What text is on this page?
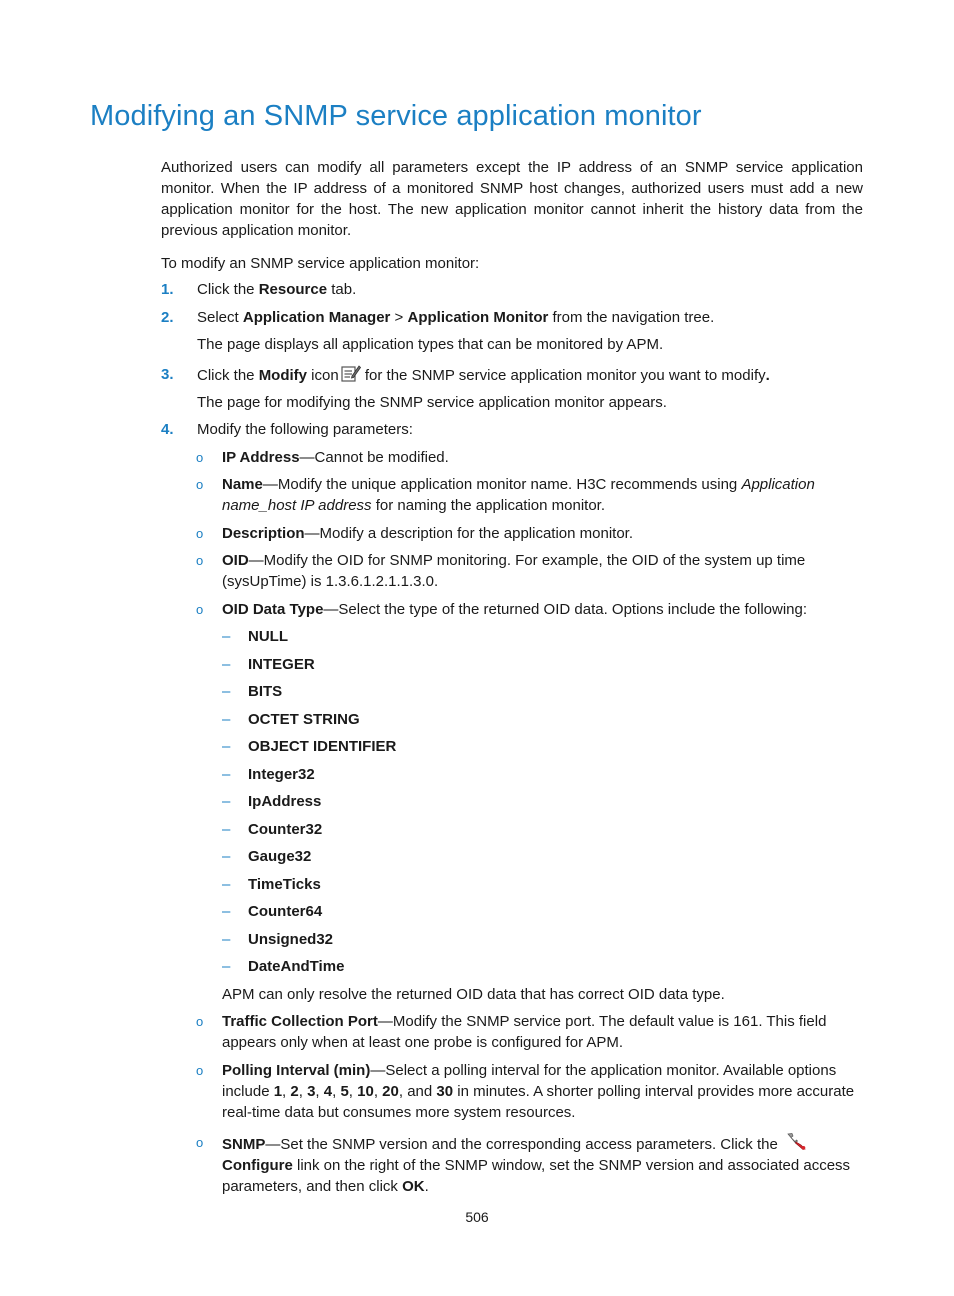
Modifying an SNMP service application monitor

Authorized users can modify all parameters except the IP address of an SNMP service application monitor. When the IP address of a monitored SNMP host changes, authorized users must add a new application monitor for the host. The new application monitor cannot inherit the history data from the previous application monitor.

To modify an SNMP service application monitor:

1. Click the Resource tab.
2. Select Application Manager > Application Monitor from the navigation tree.
The page displays all application types that can be monitored by APM.
3. Click the Modify icon for the SNMP service application monitor you want to modify.
The page for modifying the SNMP service application monitor appears.
4. Modify the following parameters:
o IP Address—Cannot be modified.
o Name—Modify the unique application monitor name. H3C recommends using Application name_host IP address for naming the application monitor.
o Description—Modify a description for the application monitor.
o OID—Modify the OID for SNMP monitoring. For example, the OID of the system up time (sysUpTime) is 1.3.6.1.2.1.1.3.0.
o OID Data Type—Select the type of the returned OID data. Options include the following:
– NULL
– INTEGER
– BITS
– OCTET STRING
– OBJECT IDENTIFIER
– Integer32
– IpAddress
– Counter32
– Gauge32
– TimeTicks
– Counter64
– Unsigned32
– DateAndTime
APM can only resolve the returned OID data that has correct OID data type.
o Traffic Collection Port—Modify the SNMP service port. The default value is 161. This field appears only when at least one probe is configured for APM.
o Polling Interval (min)—Select a polling interval for the application monitor. Available options include 1, 2, 3, 4, 5, 10, 20, and 30 in minutes. A shorter polling interval provides more accurate real-time data but consumes more system resources.
o SNMP—Set the SNMP version and the corresponding access parameters. Click the
Configure link on the right of the SNMP window, set the SNMP version and associated access parameters, and then click OK.
506
